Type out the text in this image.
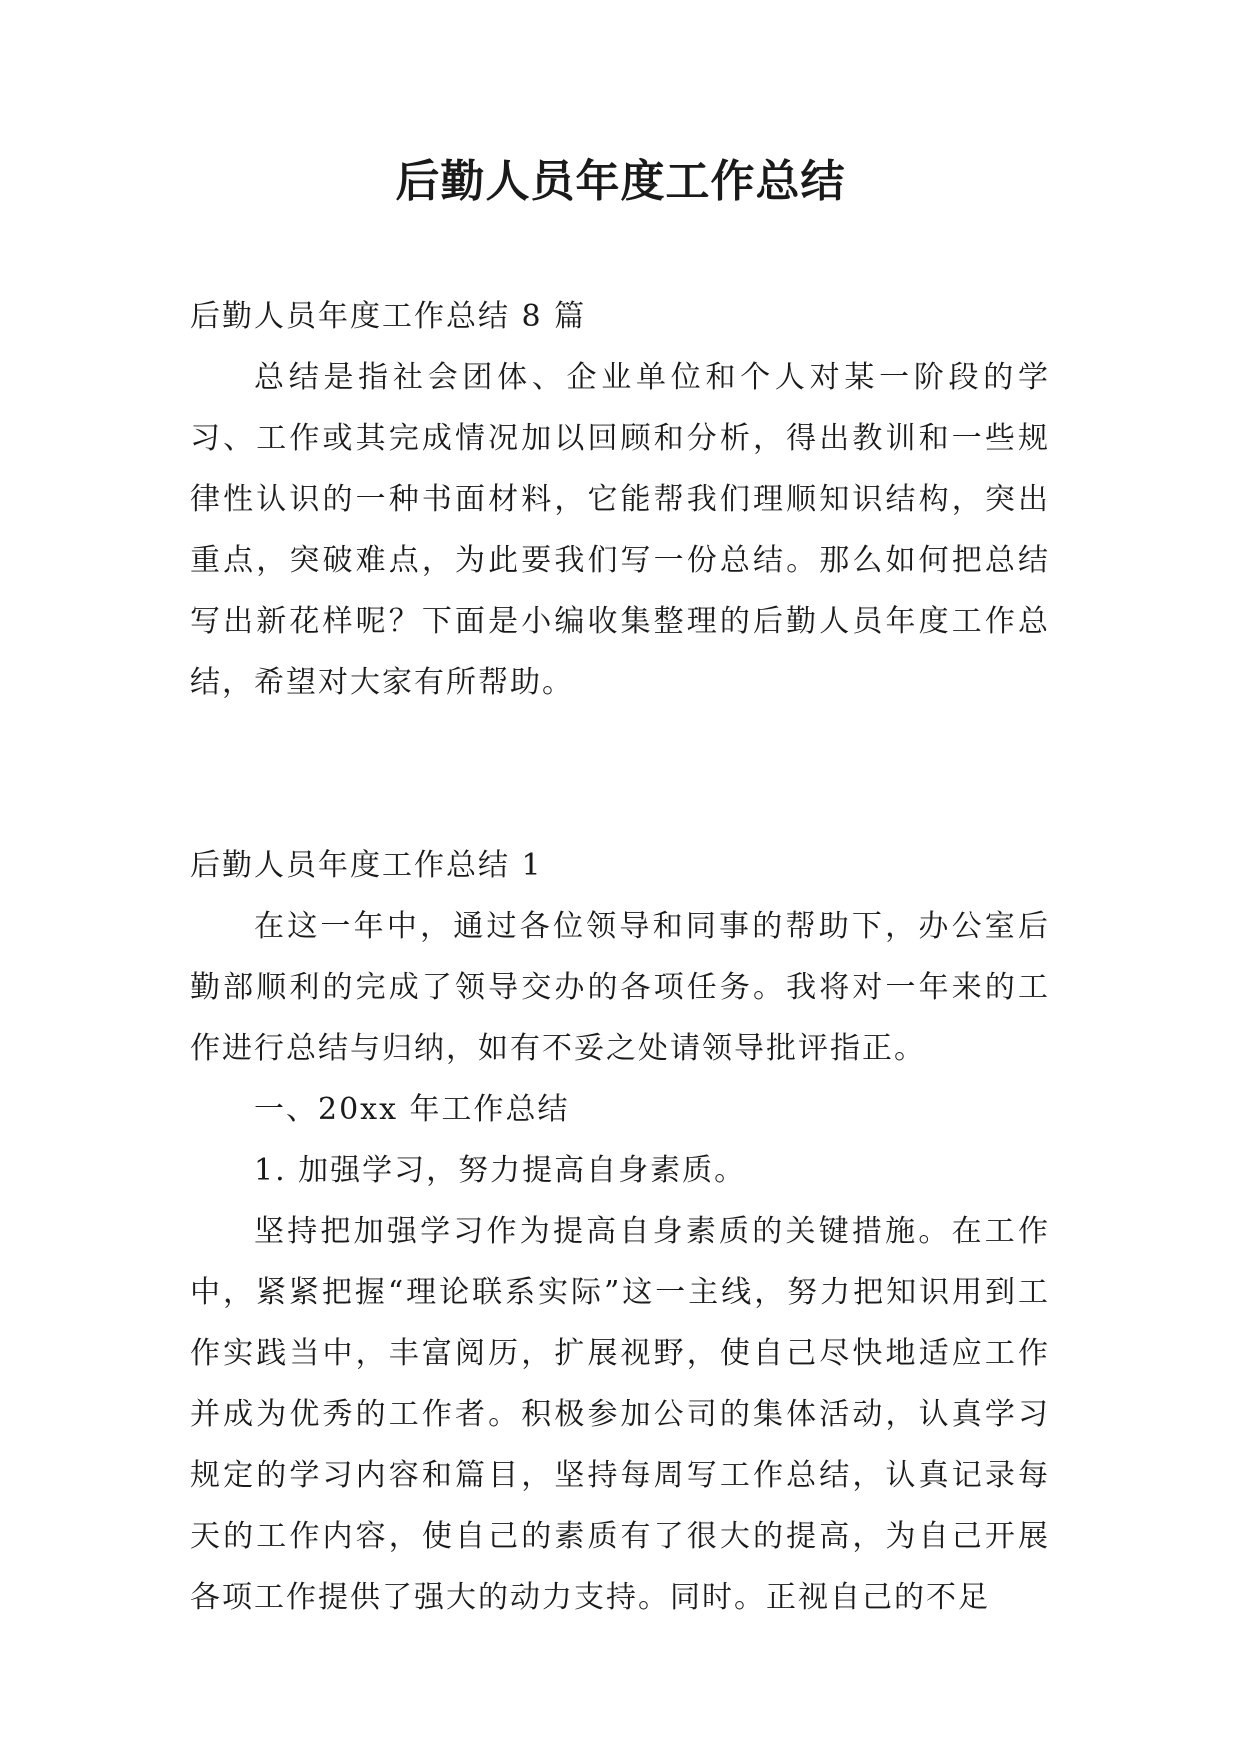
后勤人员年度工作总结

后勤人员年度工作总结 8 篇

总结是指社会团体、企业单位和个人对某一阶段的学习、工作或其完成情况加以回顾和分析，得出教训和一些规律性认识的一种书面材料，它能帮我们理顺知识结构，突出重点，突破难点，为此要我们写一份总结。那么如何把总结写出新花样呢？下面是小编收集整理的后勤人员年度工作总结，希望对大家有所帮助。

后勤人员年度工作总结 1

在这一年中，通过各位领导和同事的帮助下，办公室后勤部顺利的完成了领导交办的各项任务。我将对一年来的工作进行总结与归纳，如有不妥之处请领导批评指正。

一、20xx 年工作总结

1. 加强学习，努力提高自身素质。

坚持把加强学习作为提高自身素质的关键措施。在工作中，紧紧把握“理论联系实际”这一主线，努力把知识用到工作实践当中，丰富阅历，扩展视野，使自己尽快地适应工作并成为优秀的工作者。积极参加公司的集体活动，认真学习规定的学习内容和篇目，坚持每周写工作总结，认真记录每天的工作内容，使自己的素质有了很大的提高，为自己开展各项工作提供了强大的动力支持。同时。正视自己的不足
